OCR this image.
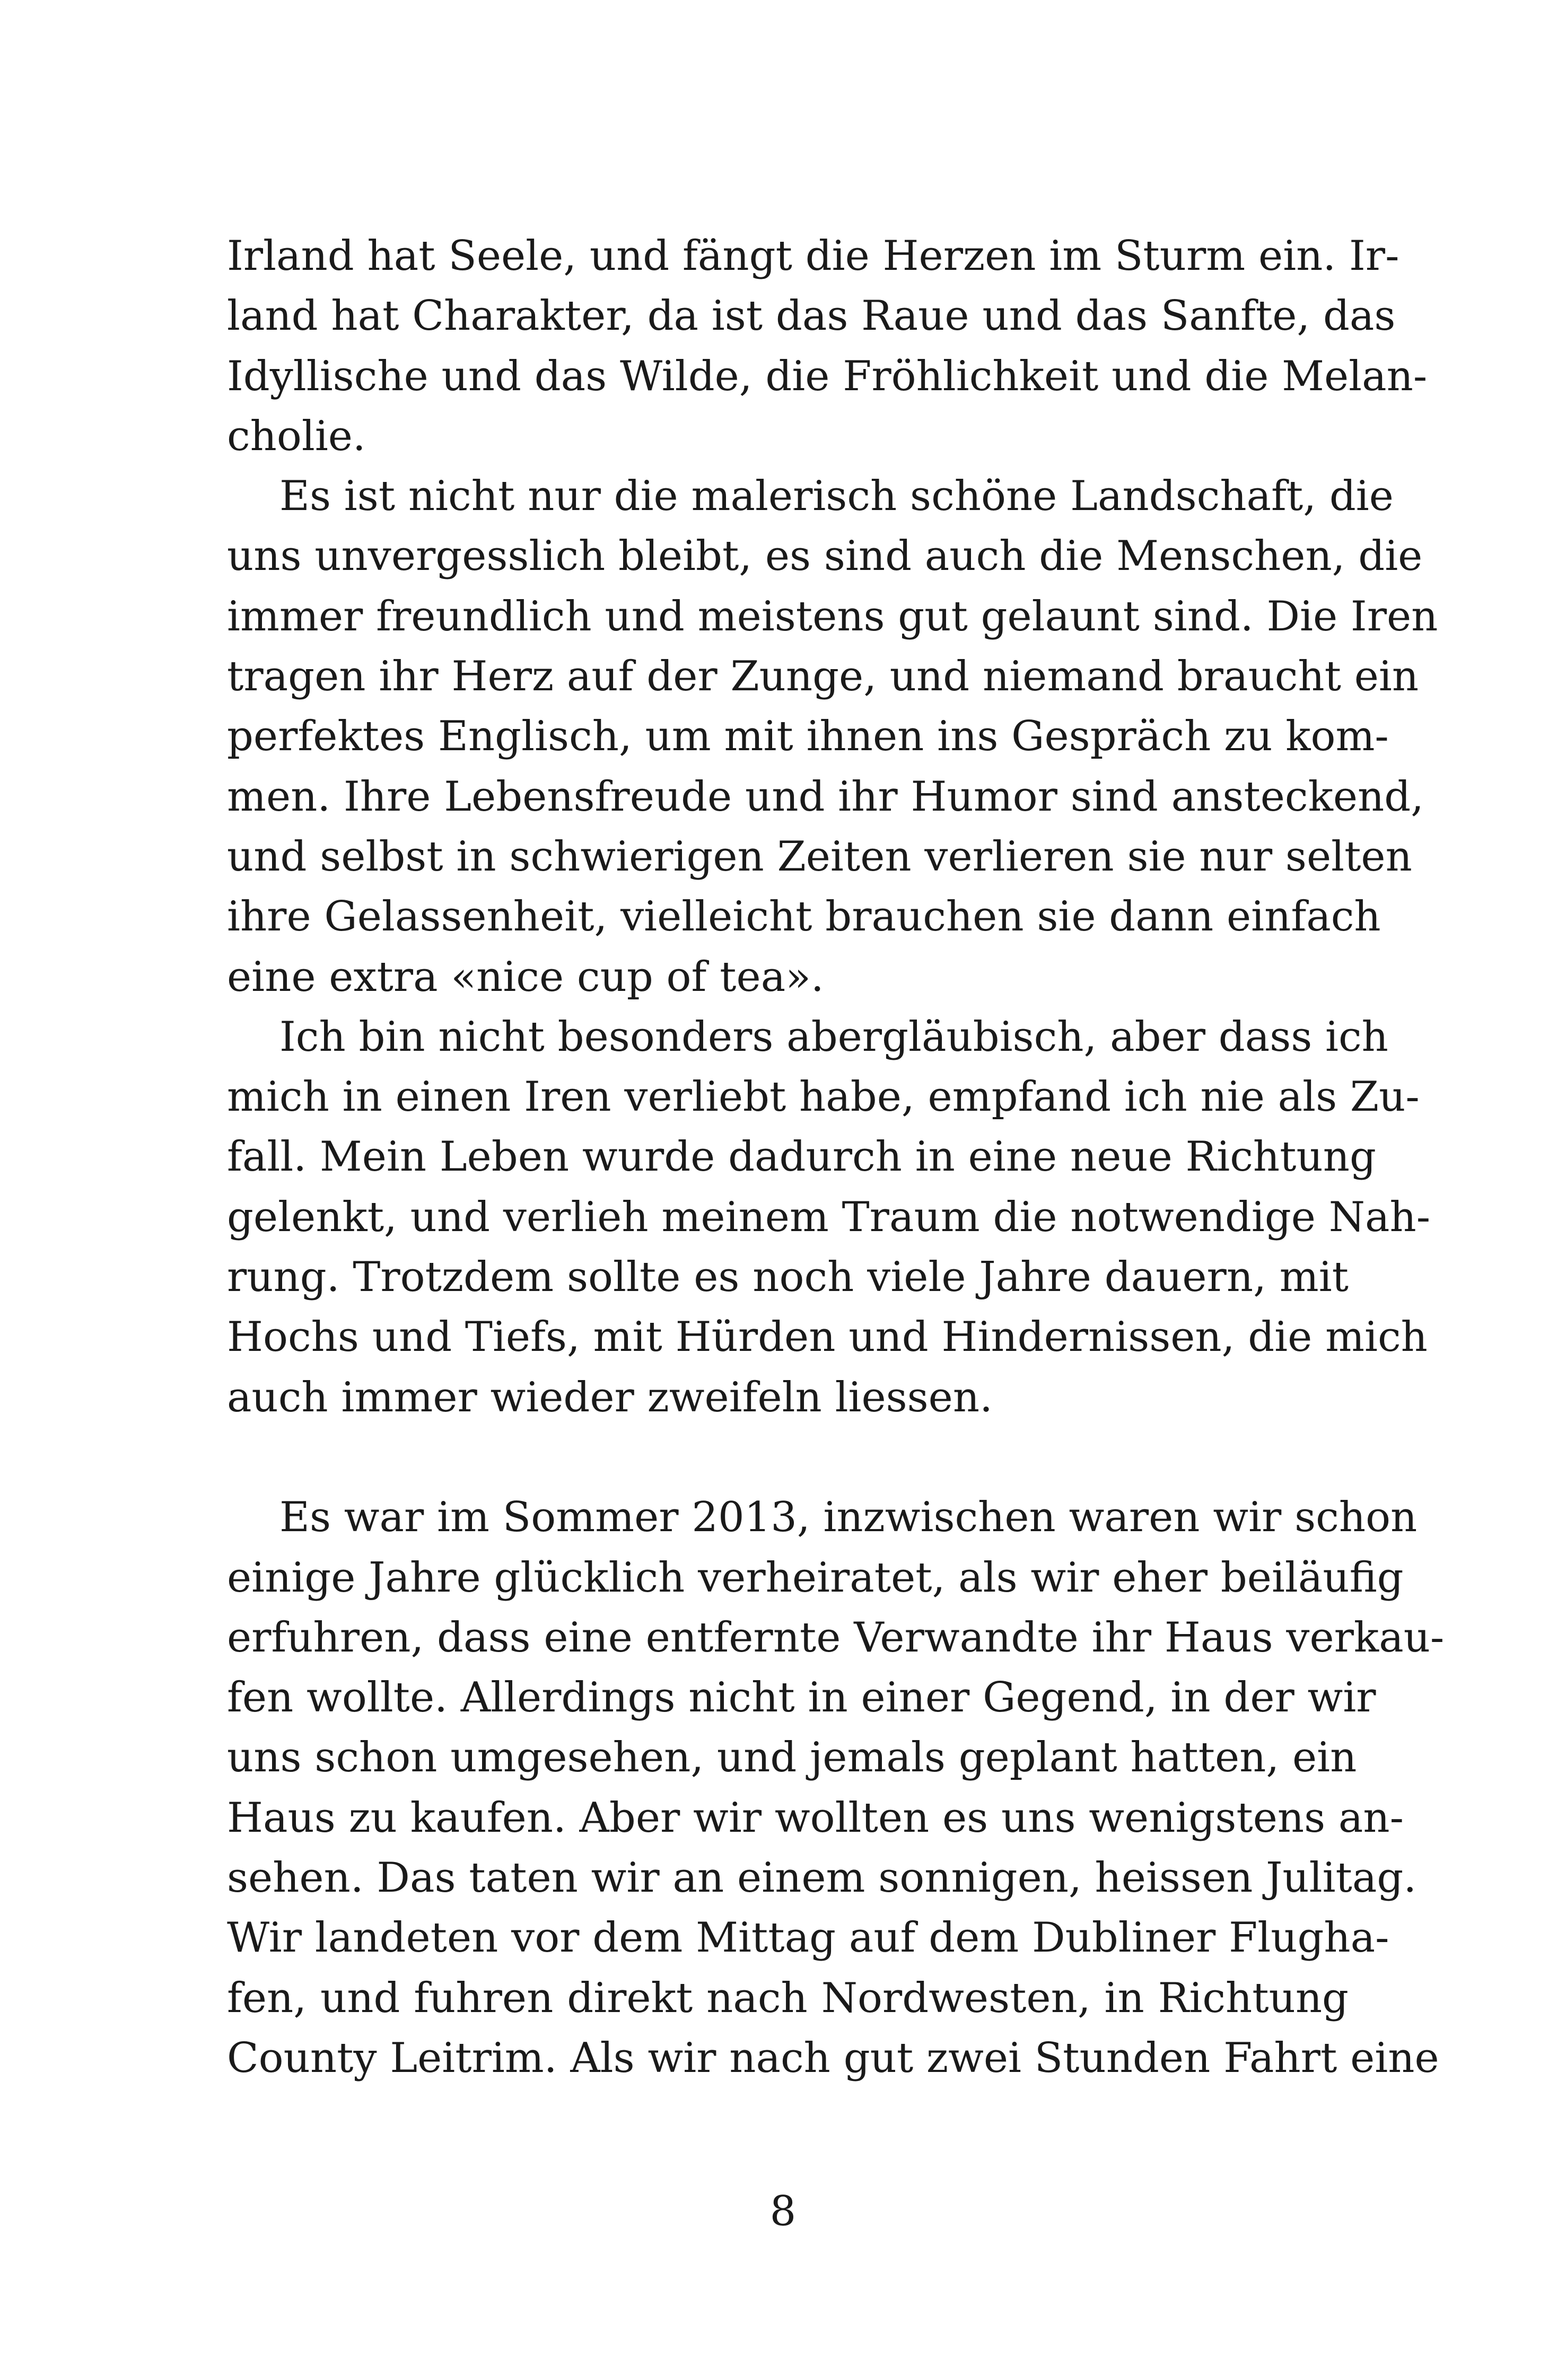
Irland hat Seele, und fängt die Herzen im Sturm ein. Ir-
land hat Charakter, da ist das Raue und das Sanfte, das
Idyllische und das Wilde, die Fröhlichkeit und die Melan-
cholie.
Es ist nicht nur die malerisch schöne Landschaft, die
uns unvergesslich bleibt, es sind auch die Menschen, die
immer freundlich und meistens gut gelaunt sind. Die Iren
tragen ihr Herz auf der Zunge, und niemand braucht ein
perfektes Englisch, um mit ihnen ins Gespräch zu kom-
men. Ihre Lebensfreude und ihr Humor sind ansteckend,
und selbst in schwierigen Zeiten verlieren sie nur selten
ihre Gelassenheit, vielleicht brauchen sie dann einfach
eine extra «nice cup of tea».
Ich bin nicht besonders abergläubisch, aber dass ich
mich in einen Iren verliebt habe, empfand ich nie als Zu-
fall. Mein Leben wurde dadurch in eine neue Richtung
gelenkt, und verlieh meinem Traum die notwendige Nah-
rung. Trotzdem sollte es noch viele Jahre dauern, mit
Hochs und Tiefs, mit Hürden und Hindernissen, die mich
auch immer wieder zweifeln liessen.
Es war im Sommer 2013, inzwischen waren wir schon
einige Jahre glücklich verheiratet, als wir eher beiläufig
erfuhren, dass eine entfernte Verwandte ihr Haus verkau-
fen wollte. Allerdings nicht in einer Gegend, in der wir
uns schon umgesehen, und jemals geplant hatten, ein
Haus zu kaufen. Aber wir wollten es uns wenigstens an-
sehen. Das taten wir an einem sonnigen, heissen Julitag.
Wir landeten vor dem Mittag auf dem Dubliner Flugha-
fen, und fuhren direkt nach Nordwesten, in Richtung
County Leitrim. Als wir nach gut zwei Stunden Fahrt eine
8
